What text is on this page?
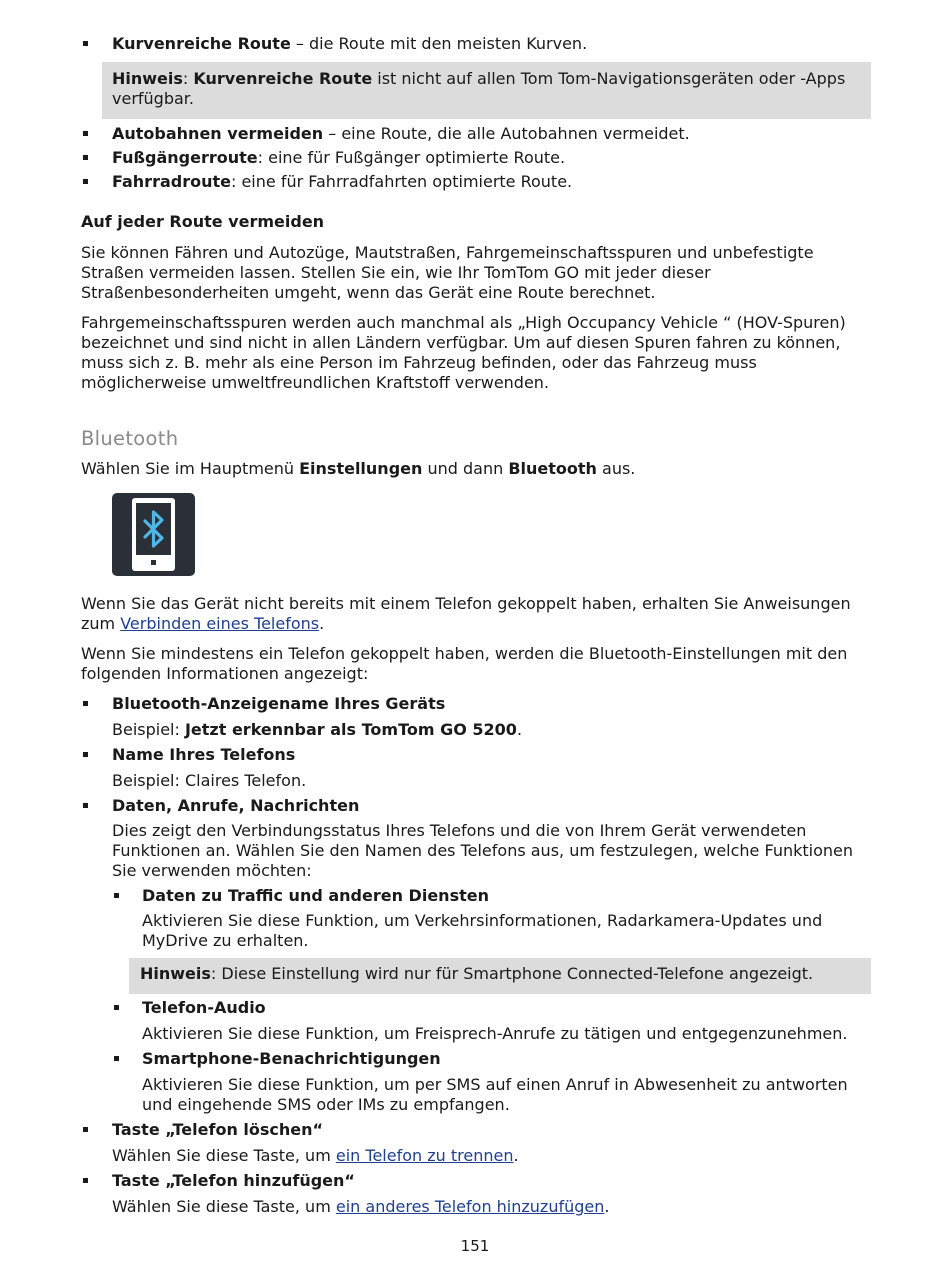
Kurvenreiche Route – die Route mit den meisten Kurven.
Hinweis: Kurvenreiche Route ist nicht auf allen Tom Tom-Navigationsgeräten oder -Apps verfügbar.
Autobahnen vermeiden – eine Route, die alle Autobahnen vermeidet.
Fußgängerroute: eine für Fußgänger optimierte Route.
Fahrradroute: eine für Fahrradfahrten optimierte Route.
Auf jeder Route vermeiden

Sie können Fähren und Autozüge, Mautstraßen, Fahrgemeinschaftsspuren und unbefestigte Straßen vermeiden lassen. Stellen Sie ein, wie Ihr TomTom GO mit jeder dieser Straßenbesonderheiten umgeht, wenn das Gerät eine Route berechnet.

Fahrgemeinschaftsspuren werden auch manchmal als „High Occupancy Vehicle “ (HOV-Spuren) bezeichnet und sind nicht in allen Ländern verfügbar. Um auf diesen Spuren fahren zu können, muss sich z. B. mehr als eine Person im Fahrzeug befinden, oder das Fahrzeug muss möglicherweise umweltfreundlichen Kraftstoff verwenden.

Bluetooth

Wählen Sie im Hauptmenü Einstellungen und dann Bluetooth aus.

Wenn Sie das Gerät nicht bereits mit einem Telefon gekoppelt haben, erhalten Sie Anweisungen zum Verbinden eines Telefons.

Wenn Sie mindestens ein Telefon gekoppelt haben, werden die Bluetooth-Einstellungen mit den folgenden Informationen angezeigt:

Bluetooth-Anzeigename Ihres Geräts
Beispiel: Jetzt erkennbar als TomTom GO 5200.
Name Ihres Telefons
Beispiel: Claires Telefon.
Daten, Anrufe, Nachrichten
Dies zeigt den Verbindungsstatus Ihres Telefons und die von Ihrem Gerät verwendeten Funktionen an. Wählen Sie den Namen des Telefons aus, um festzulegen, welche Funktionen Sie verwenden möchten:
Daten zu Traffic und anderen Diensten
Aktivieren Sie diese Funktion, um Verkehrsinformationen, Radarkamera-Updates und MyDrive zu erhalten.
Hinweis: Diese Einstellung wird nur für Smartphone Connected-Telefone angezeigt.
Telefon-Audio
Aktivieren Sie diese Funktion, um Freisprech-Anrufe zu tätigen und entgegenzunehmen.
Smartphone-Benachrichtigungen
Aktivieren Sie diese Funktion, um per SMS auf einen Anruf in Abwesenheit zu antworten und eingehende SMS oder IMs zu empfangen.
Taste „Telefon löschen“
Wählen Sie diese Taste, um ein Telefon zu trennen.
Taste „Telefon hinzufügen“
Wählen Sie diese Taste, um ein anderes Telefon hinzuzufügen.
151
